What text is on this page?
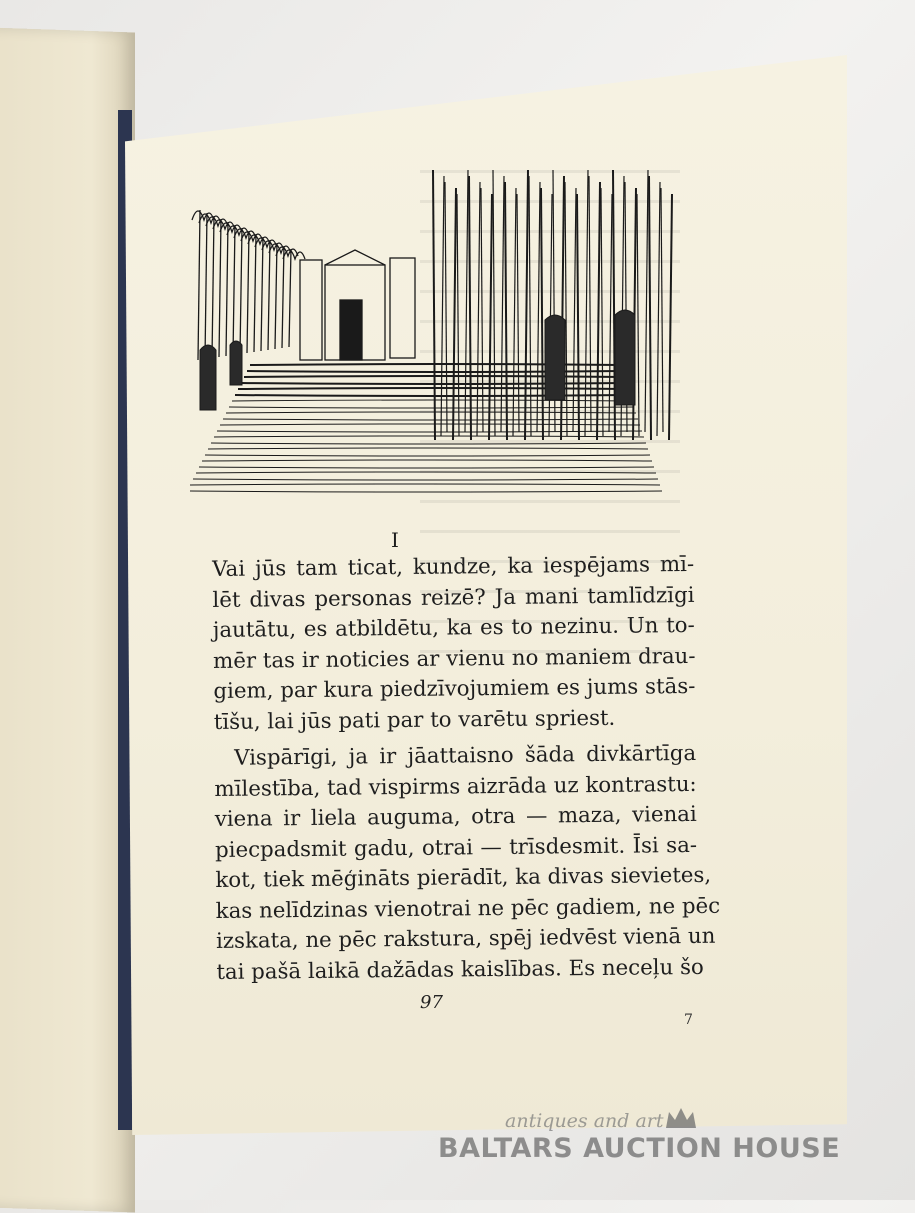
I
Vai jūs tam ticat, kundze, ka iespējams mī-
lēt divas personas reizē? Ja mani tamlīdzīgi
jautātu, es atbildētu, ka es to nezinu. Un to-
mēr tas ir noticies ar vienu no maniem drau-
giem, par kura piedzīvojumiem es jums stās-
tīšu, lai jūs pati par to varētu spriest.
Vispārīgi, ja ir jāattaisno šāda divkārtīga
mīlestība, tad vispirms aizrāda uz kontrastu:
viena ir liela auguma, otra — maza, vienai
piecpadsmit gadu, otrai — trīsdesmit. Īsi sa-
kot, tiek mēģināts pierādīt, ka divas sievietes,
kas nelīdzinas vienotrai ne pēc gadiem, ne pēc
izskata, ne pēc rakstura, spēj iedvēst vienā un
tai pašā laikā dažādas kaislības. Es neceļu šo
97
7
antiques and art
BALTARS AUCTION HOUSE
